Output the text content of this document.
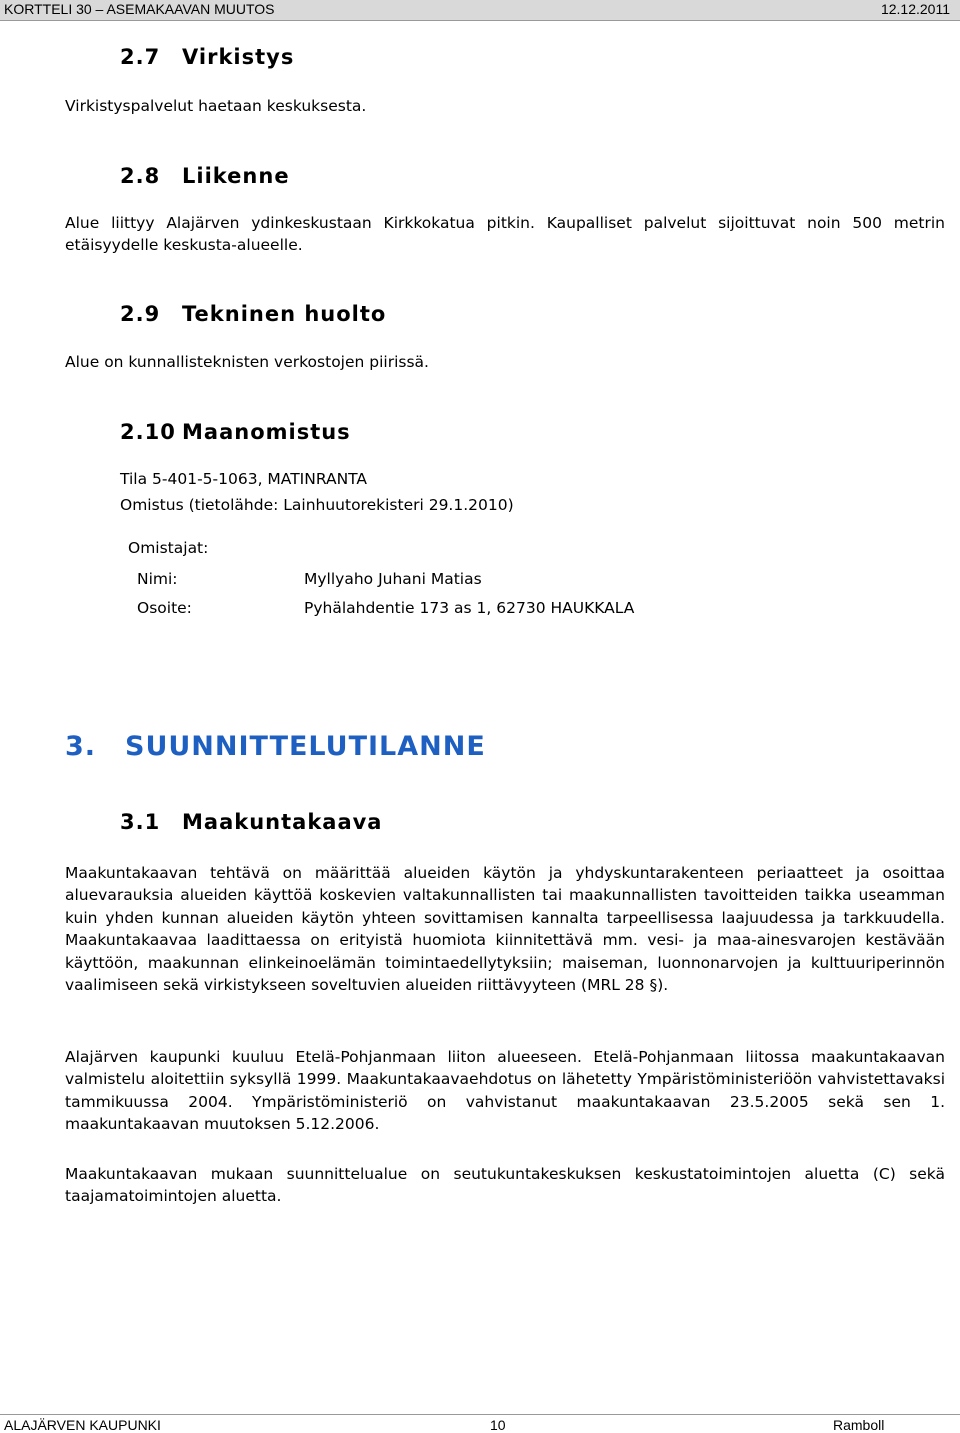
KORTTELI 30 – ASEMAKAAVAN MUUTOS	12.12.2011
2.7 Virkistys

Virkistyspalvelut haetaan keskuksesta.

2.8 Liikenne

Alue liittyy Alajärven ydinkeskustaan Kirkkokatua pitkin. Kaupalliset palvelut sijoittuvat noin 500 metrin etäisyydelle keskusta-alueelle.

2.9 Tekninen huolto

Alue on kunnallisteknisten verkostojen piirissä.

2.10 Maanomistus

Tila 5-401-5-1063, MATINRANTA

Omistus (tietolähde: Lainhuutorekisteri 29.1.2010)

Omistajat:

Nimi:	Myllyaho Juhani Matias

Osoite:	Pyhälahdentie 173 as 1, 62730 HAUKKALA

3. SUUNNITTELUTILANNE
3.1 Maakuntakaava

Maakuntakaavan tehtävä on määrittää alueiden käytön ja yhdyskuntarakenteen periaatteet ja osoittaa aluevarauksia alueiden käyttöä koskevien valtakunnallisten tai maakunnallisten tavoitteiden taikka useamman kuin yhden kunnan alueiden käytön yhteen sovittamisen kannalta tarpeellisessa laajuudessa ja tarkkuudella. Maakuntakaavaa laadittaessa on erityistä huomiota kiinnitettävä mm. vesi- ja maa-ainesvarojen kestävään käyttöön, maakunnan elinkeinoelämän toimintaedellytyksiin; maiseman, luonnonarvojen ja kulttuuriperinnön vaalimiseen sekä virkistykseen soveltuvien alueiden riittävyyteen (MRL 28 §).

Alajärven kaupunki kuuluu Etelä-Pohjanmaan liiton alueeseen. Etelä-Pohjanmaan liitossa maakuntakaavan valmistelu aloitettiin syksyllä 1999. Maakuntakaavaehdotus on lähetetty Ympäristöministeriöön vahvistettavaksi tammikuussa 2004. Ympäristöministeriö on vahvistanut maakuntakaavan 23.5.2005 sekä sen 1. maakuntakaavan muutoksen 5.12.2006.

Maakuntakaavan mukaan suunnittelualue on seutukuntakeskuksen keskustatoimintojen aluetta (C) sekä taajamatoimintojen aluetta.

ALAJÄRVEN KAUPUNKI	10	Ramboll
